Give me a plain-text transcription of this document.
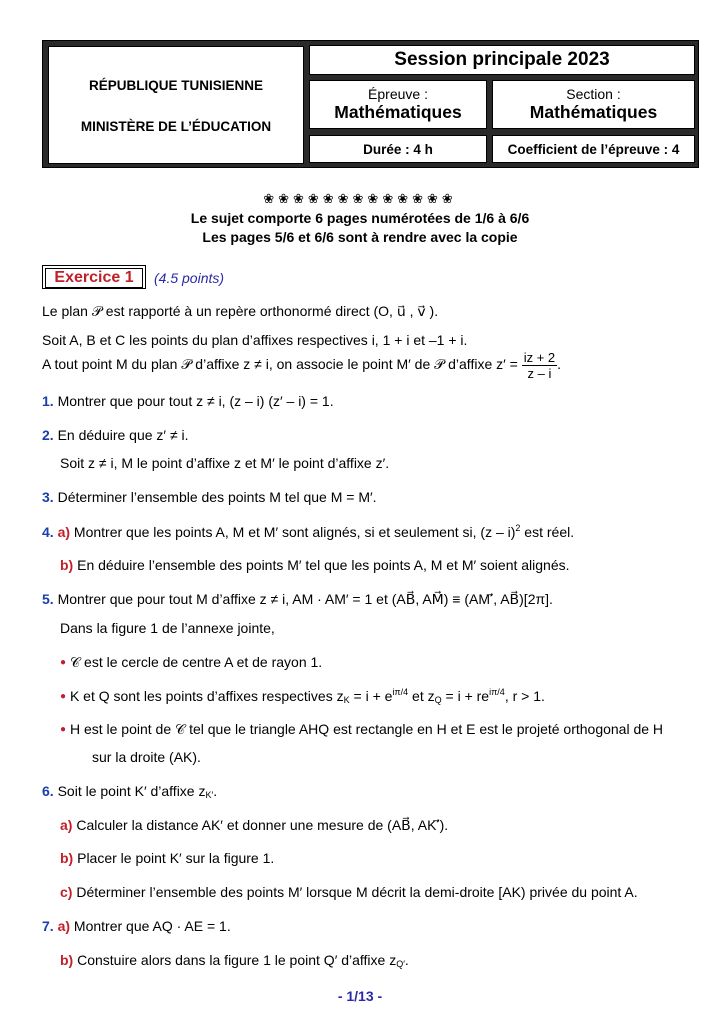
RÉPUBLIQUE TUNISIENNE
MINISTÈRE DE L’ÉDUCATION
Session principale 2023
Épreuve :
Mathématiques
Section :
Mathématiques
Durée : 4 h	Coefficient de l’épreuve : 4
❀❀❀❀❀❀❀❀❀❀❀❀❀
Le sujet comporte 6 pages numérotées de 1/6 à 6/6
Les pages 5/6 et 6/6 sont à rendre avec la copie
Exercice 1	(4.5 points)
Le plan 𝒫 est rapporté à un repère orthonormé direct (O, u⃗ , v⃗ ).
Soit A, B et C les points du plan d’affixes respectives i, 1 + i et –1 + i.
A tout point M du plan 𝒫 d’affixe z ≠ i, on associe le point M′ de 𝒫 d’affixe $z' = \frac{iz + 2}{z - i}$ .
1. Montrer que pour tout z ≠ i, (z – i) (z′ – i) = 1.
2. En déduire que z′ ≠ i.
Soit z ≠ i, M le point d’affixe z et M′ le point d’affixe z′.
3. Déterminer l’ensemble des points M tel que M = M′.
4. a) Montrer que les points A, M et M′ sont alignés, si et seulement si, (z – i)$^2$ est réel.
b) En déduire l’ensemble des points M′ tel que les points A, M et M′ soient alignés.
5. Montrer que pour tout M d’affixe z ≠ i, AM · AM′ = 1 et (AB⃗, AM⃗) ≡ (AM′⃗, AB⃗)[2π].
Dans la figure 1 de l’annexe jointe,
● 𝒞 est le cercle de centre A et de rayon 1.
● K et Q sont les points d’affixes respectives zK = $i + e^{i\pi/4}$ et zQ = $i + re^{i\pi/4}$, r > 1.
● H est le point de 𝒞 tel que le triangle AHQ est rectangle en H et E est le projeté orthogonal de H
sur la droite (AK).
6. Soit le point K′ d’affixe zK′.
a) Calculer la distance AK′ et donner une mesure de (AB⃗, AK′⃗).
b) Placer le point K′ sur la figure 1.
c) Déterminer l’ensemble des points M′ lorsque M décrit la demi-droite [AK) privée du point A.
7. a) Montrer que AQ · AE = 1.
b) Constuire alors dans la figure 1 le point Q′ d’affixe zQ′.
- 1/13 -
